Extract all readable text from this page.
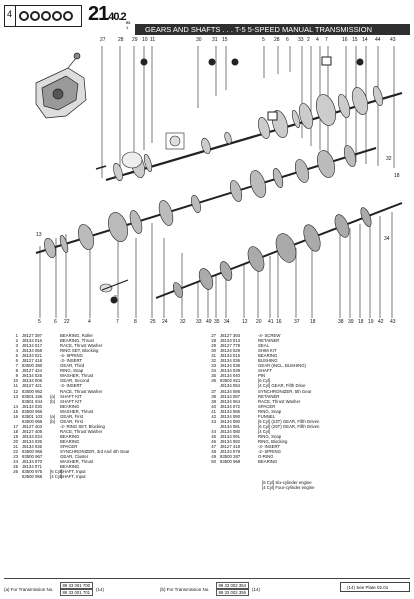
4	2140.2 P.O. 1	GEARS AND SHAFTS . . . T-5 5-SPEED MANUAL TRANSMISSION
27 28 29 10 11	30 31 15	5 28 6 33 2 4 7	16 15 14 44 43
5	6 22	4	7	8	25 24 32 33 49 35 34 12 20 41 16 37 18	38 39 18 19 42 43
13
34
32
18
1 J8127 397	BEARING, Roller
2 J8134 016	BEARING, Thrust
3 J8134 017	RACE, Thrust Washer
4 J8134 058	RING SET, Blocking
5 J8134 021	-4- SPRING
6 J8127 418	-3- INSERT
7 83500 380	GEAR, Third
8 J8127 424	RING, Snap
9 J8134 025	WASHER, Thrust
10 J8134 006	GEAR, Second
11 J8127 421	-3- INSERT
12 83500 962	RACE, Thrust Washer
13 83501 166	(a)	SHAFT KIT
83501 944	(b)	SHAFT KIT
14 J8134 030	BEARING
15 83500 966	WASHER, Thrust
16 83501 103	(a)	GEAR, First
83500 965	(b)	GEAR, First
17 J8127 403	-2- RING SET, Blocking
18 J8127 405	RACE, Thrust Washer
19 J8134 034	BEARING
20 J8134 035	BEARING
21 J8134 036	SPACER
22 83500 966	SYNCHRONIZER, 3rd And 4th Gear
23 83500 967	GEAR, Cluster
24 J8134 070	WASHER, Thrust
25 J8134 071	BEARING
26 83500 975	[6 Cyl]
SHAFT, Input
83500 968	[4 Cyl]
SHAFT, Input
27 J8127 393	-4- SCREW
28 J8134 013	RETAINER
29 J8127 779	SEAL
30 J8134 029	SHIM KIT
31 J8134 015	BEARING
32 J8134 036	BUSHING
33 J8134 038	GEAR (INCL. BUSHING)
34 J8134 039	SHAFT
35 J8134 040	PIN
36 83502 821	[6 Cyl]
J8134 084	[4 Cyl] GEAR, Fifth Drive
37 J8134 086	SYNCHRONIZER, 5th Gear
38 J8134 087	RETAINER
39 J8134 064	RACE, Thrust Washer
40 J8134 072	SPACER
41 J8134 085	RING, Snap
42 J8134 090	FUNNEL
43 J8134 080	[6 Cyl] (23T) GEAR, Fifth Driven
J8134 081	[6 Cyl] (25T) GEAR, Fifth Driven
44 J8134 080	[4 Cyl]
45 J8134 091	RING, Snap
46 J8134 082	RING, Blocking
47 J8127 418	-3- INSERT
48 J8134 078	-2- SPRING
49 83500 287	O-RING
50 83500 969	BEARING
[6 Cyl] Six-cylinder engine
[4 Cyl] Four-cylinder engine
(a) For Transmission No.
89 33 001 700
89 33 001 701
(14)	(b) For Transmission No.
89 33 002 354
89 33 002 355
(14)	(14) See Plate 02.01
